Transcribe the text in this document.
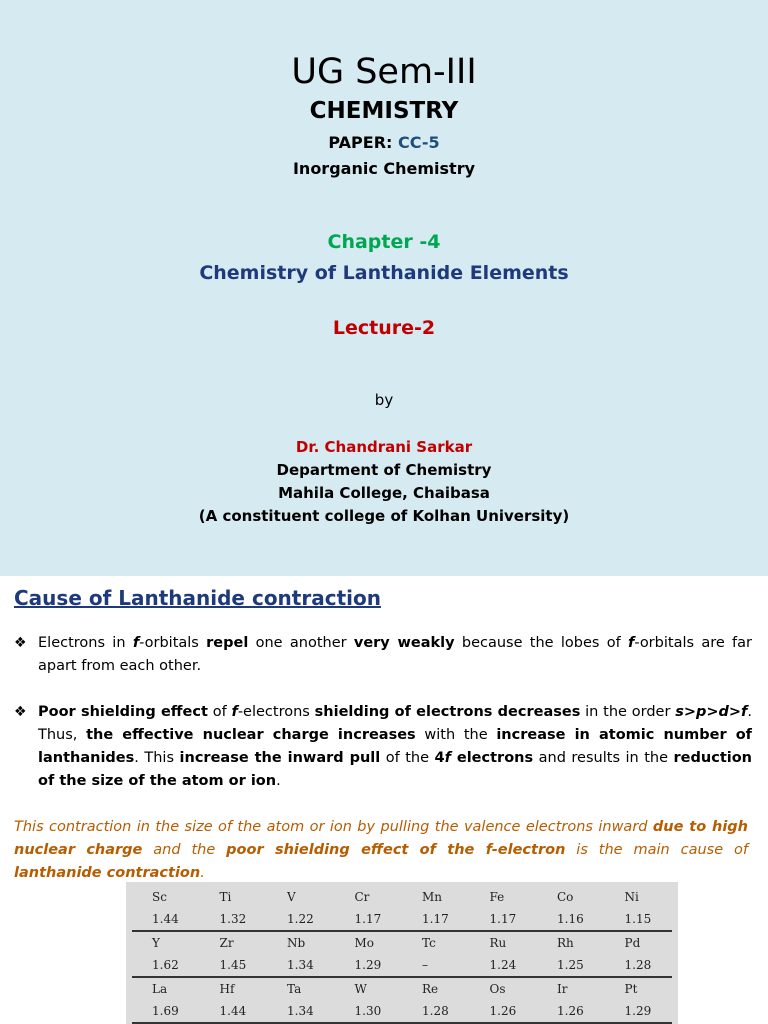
UG Sem-III
CHEMISTRY
PAPER: CC-5
Inorganic Chemistry
Chapter -4
Chemistry of Lanthanide Elements
Lecture-2
by
Dr. Chandrani Sarkar
Department of Chemistry
Mahila College, Chaibasa
(A constituent college of Kolhan University)
Cause of Lanthanide contraction
❖ Electrons in f-orbitals repel one another very weakly because the lobes of f-orbitals are far apart from each other.
❖ Poor shielding effect of f-electrons shielding of electrons decreases in the order s>p>d>f. Thus, the effective nuclear charge increases with the increase in atomic number of lanthanides. This increase the inward pull of the 4f electrons and results in the reduction of the size of the atom or ion.
This contraction in the size of the atom or ion by pulling the valence electrons inward due to high nuclear charge and the poor shielding effect of the f-electron is the main cause of lanthanide contraction.
Sc	Ti	V	Cr	Mn	Fe	Co	Ni
1.44	1.32	1.22	1.17	1.17	1.17	1.16	1.15
Y	Zr	Nb	Mo	Tc	Ru	Rh	Pd
1.62	1.45	1.34	1.29	–	1.24	1.25	1.28
La	Hf	Ta	W	Re	Os	Ir	Pt
1.69	1.44	1.34	1.30	1.28	1.26	1.26	1.29
